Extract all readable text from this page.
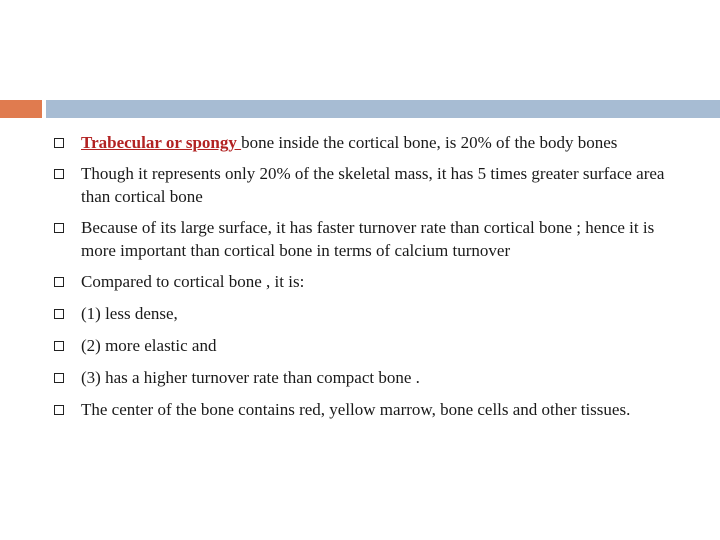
Trabecular or spongy bone inside the cortical bone, is 20% of the body bones
Though it represents only 20% of the skeletal mass, it has 5 times greater surface area than cortical bone
Because of its large surface, it has faster turnover rate than cortical bone ; hence it is more important than cortical bone in terms of calcium turnover
Compared to cortical bone , it is:
(1) less dense,
(2) more elastic and
(3) has a higher turnover rate than compact bone .
The center of the bone contains red, yellow marrow, bone cells and other tissues.
